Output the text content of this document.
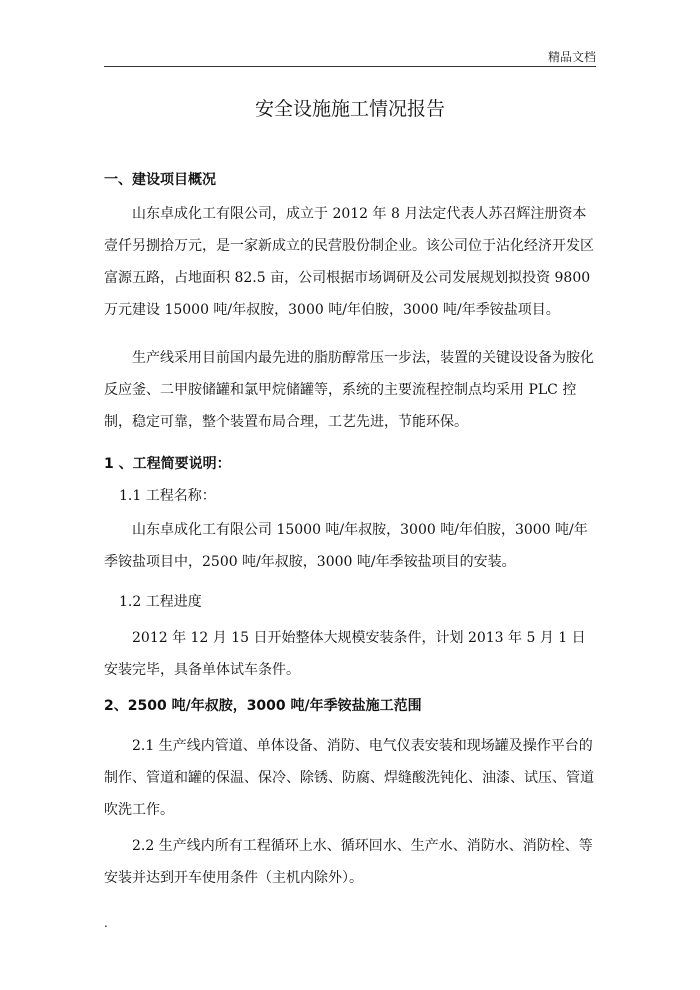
精品文档
安全设施施工情况报告
一、建设项目概况
山东卓成化工有限公司，成立于 2012 年 8 月法定代表人苏召辉注册资本壹仟另捌拾万元，是一家新成立的民营股份制企业。该公司位于沾化经济开发区富源五路，占地面积 82.5 亩，公司根据市场调研及公司发展规划拟投资 9800 万元建设 15000 吨/年叔胺，3000 吨/年伯胺，3000 吨/年季铵盐项目。
生产线采用目前国内最先进的脂肪醇常压一步法，装置的关键设设备为胺化反应釜、二甲胺储罐和氯甲烷储罐等，系统的主要流程控制点均采用 PLC 控制，稳定可靠，整个装置布局合理，工艺先进，节能环保。
1 、工程简要说明：
1.1 工程名称：
山东卓成化工有限公司 15000 吨/年叔胺，3000 吨/年伯胺，3000 吨/年季铵盐项目中，2500 吨/年叔胺，3000 吨/年季铵盐项目的安装。
1.2 工程进度
2012 年 12 月 15 日开始整体大规模安装条件，计划 2013 年 5 月 1 日安装完毕，具备单体试车条件。
2、2500 吨/年叔胺，3000 吨/年季铵盐施工范围
2.1 生产线内管道、单体设备、消防、电气仪表安装和现场罐及操作平台的制作、管道和罐的保温、保冷、除锈、防腐、焊缝酸洗钝化、油漆、试压、管道吹洗工作。
2.2 生产线内所有工程循环上水、循环回水、生产水、消防水、消防栓、等安装并达到开车使用条件（主机内除外）。
.
